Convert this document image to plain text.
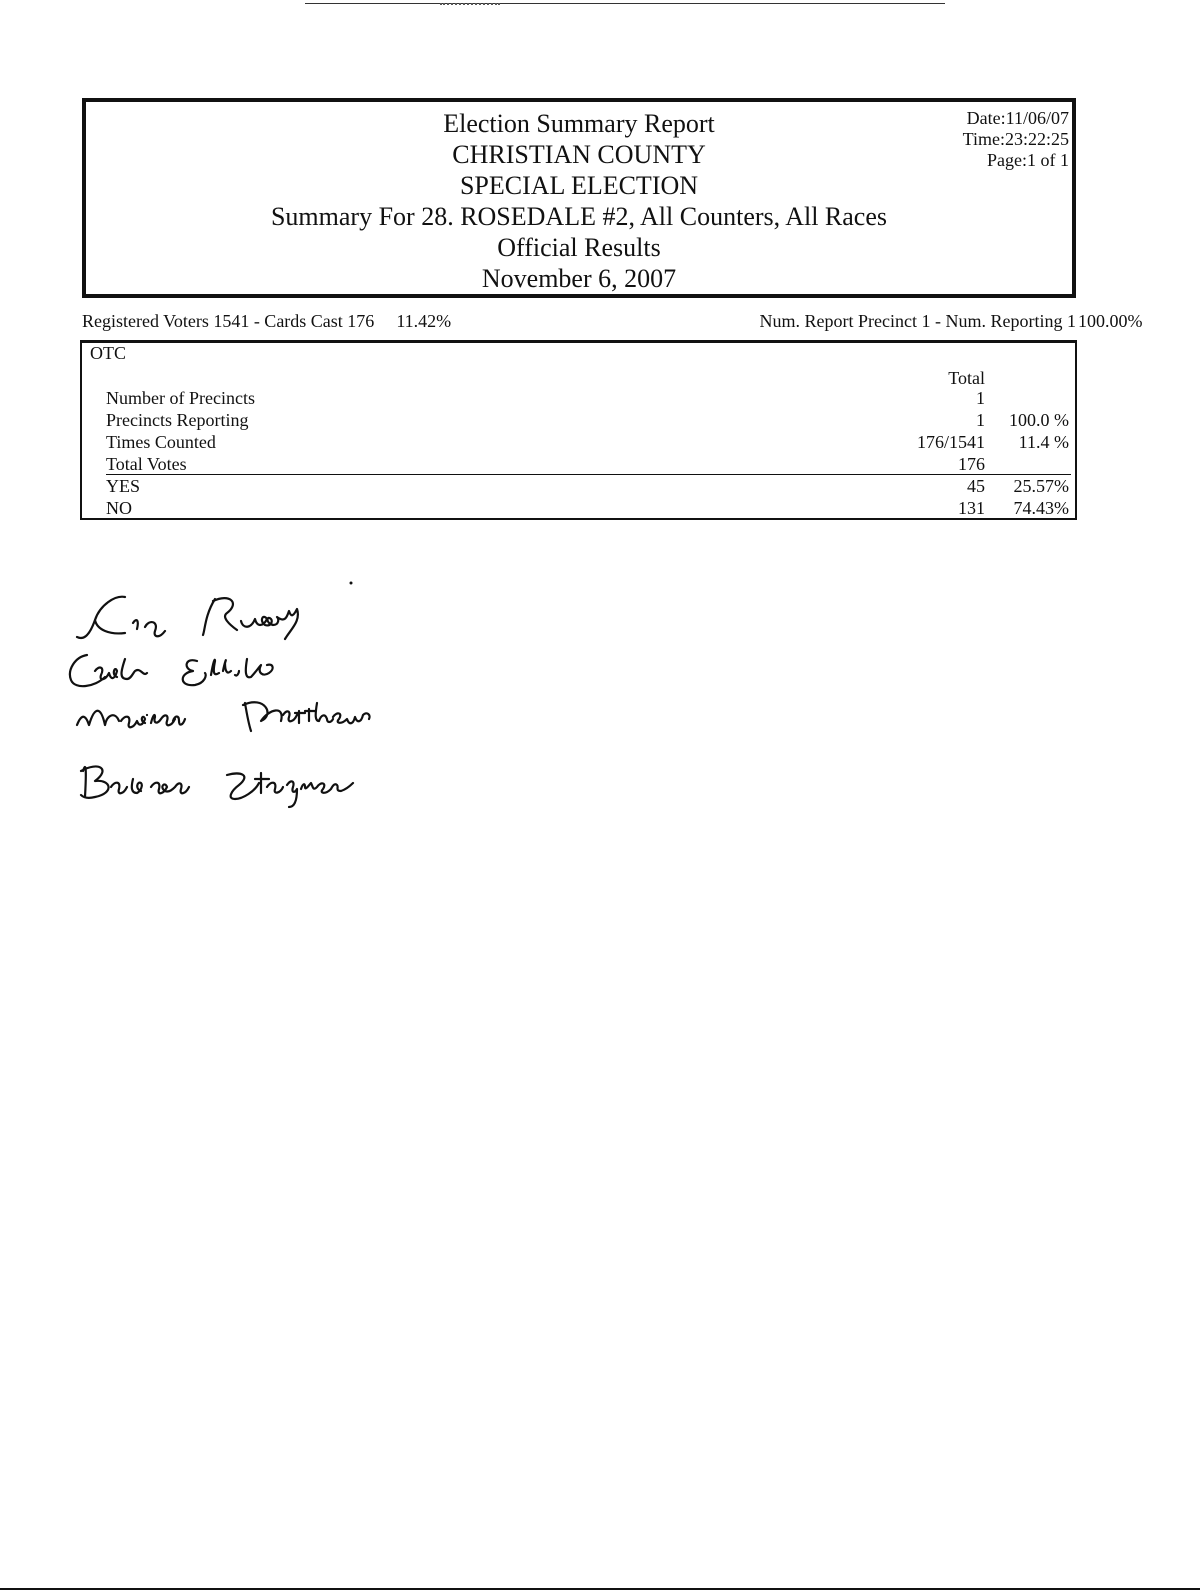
Election Summary Report
CHRISTIAN COUNTY
SPECIAL ELECTION
Summary For 28. ROSEDALE #2, All Counters, All Races
Official Results
November 6, 2007
Date:11/06/07
Time:23:22:25
Page:1 of 1
Registered Voters 1541 - Cards Cast 176 11.42%	Num. Report Precinct 1 - Num. Reporting 1 100.00%
OTC
Total
Number of Precincts	1
Precincts Reporting	1 100.0 %
Times Counted	176/1541 11.4 %
Total Votes	176
YES	45 25.57%
NO	131 74.43%
